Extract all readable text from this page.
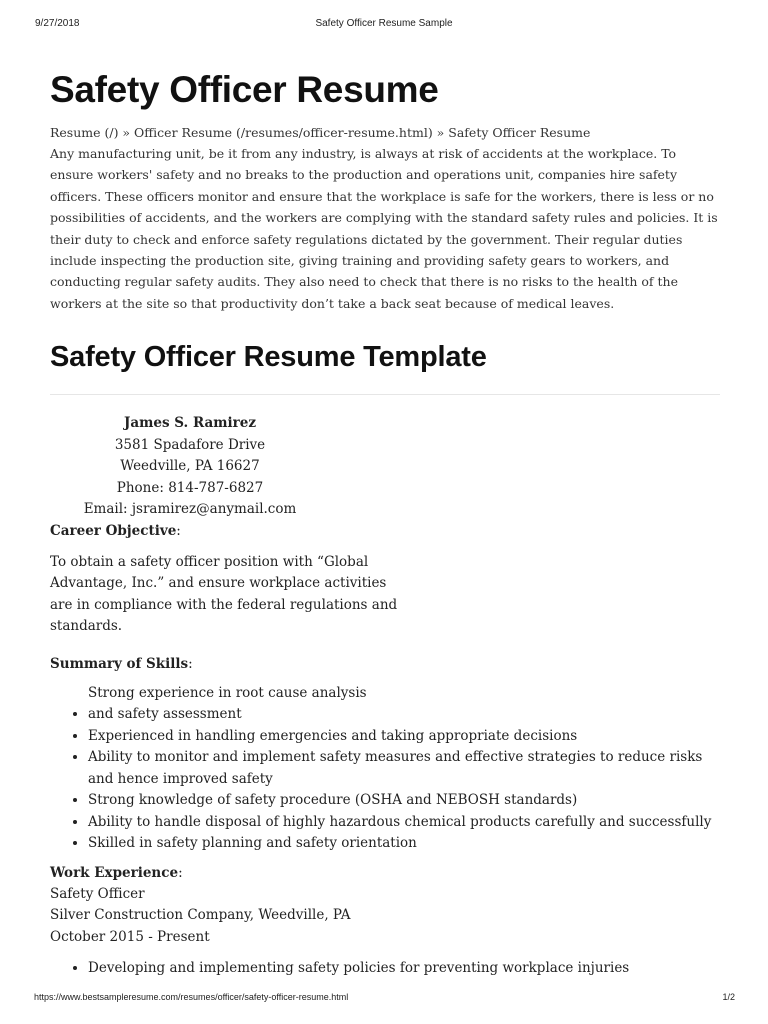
9/27/2018	Safety Officer Resume Sample
Safety Officer Resume
Resume (/) » Officer Resume (/resumes/officer-resume.html) » Safety Officer Resume

Any manufacturing unit, be it from any industry, is always at risk of accidents at the workplace. To ensure workers' safety and no breaks to the production and operations unit, companies hire safety officers. These officers monitor and ensure that the workplace is safe for the workers, there is less or no possibilities of accidents, and the workers are complying with the standard safety rules and policies. It is their duty to check and enforce safety regulations dictated by the government. Their regular duties include inspecting the production site, giving training and providing safety gears to workers, and conducting regular safety audits. They also need to check that there is no risks to the health of the workers at the site so that productivity don’t take a back seat because of medical leaves.

Safety Officer Resume Template
James S. Ramirez
3581 Spadafore Drive
Weedville, PA 16627
Phone: 814-787-6827
Email: jsramirez@anymail.com
Career Objective:

To obtain a safety officer position with “Global Advantage, Inc.” and ensure workplace activities are in compliance with the federal regulations and standards.

Summary of Skills:
• Strong experience in root cause analysis and safety assessment
• Experienced in handling emergencies and taking appropriate decisions
• Ability to monitor and implement safety measures and effective strategies to reduce risks and hence improved safety
• Strong knowledge of safety procedure (OSHA and NEBOSH standards)
• Ability to handle disposal of highly hazardous chemical products carefully and successfully
• Skilled in safety planning and safety orientation
Work Experience:
Safety Officer
Silver Construction Company, Weedville, PA
October 2015 - Present
• Developing and implementing safety policies for preventing workplace injuries
https://www.bestsampleresume.com/resumes/officer/safety-officer-resume.html	1/2
